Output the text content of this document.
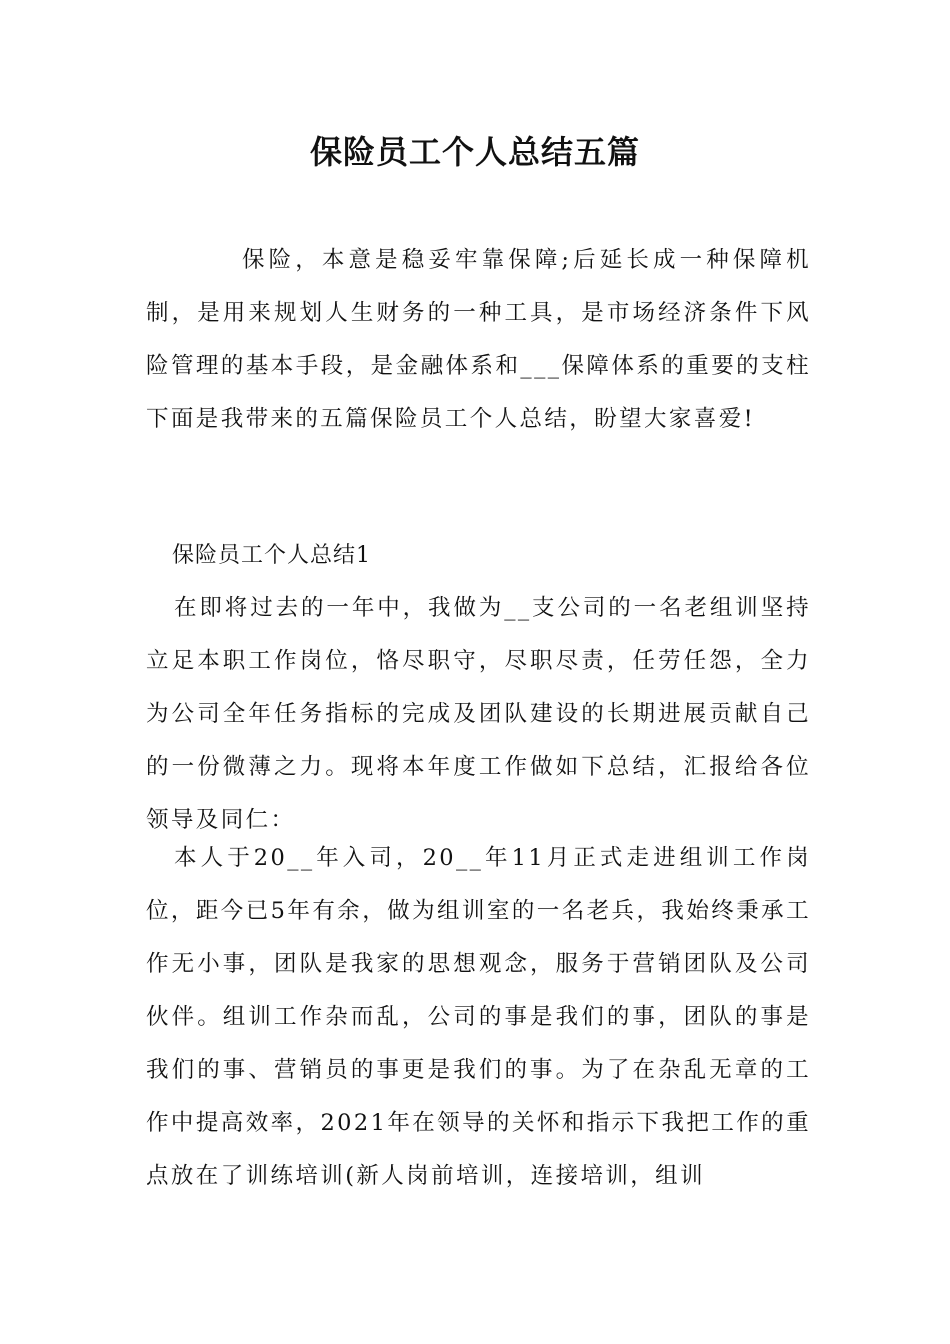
保险员工个人总结五篇

保险，本意是稳妥牢靠保障;后延长成一种保障机制，是用来规划人生财务的一种工具，是市场经济条件下风险管理的基本手段，是金融体系和___保障体系的重要的支柱下面是我带来的五篇保险员工个人总结，盼望大家喜爱!

保险员工个人总结1

在即将过去的一年中，我做为__支公司的一名老组训坚持立足本职工作岗位，恪尽职守，尽职尽责，任劳任怨，全力为公司全年任务指标的完成及团队建设的长期进展贡献自己的一份微薄之力。现将本年度工作做如下总结，汇报给各位领导及同仁：

本人于20__年入司，20__年11月正式走进组训工作岗位，距今已5年有余，做为组训室的一名老兵，我始终秉承工作无小事，团队是我家的思想观念，服务于营销团队及公司伙伴。组训工作杂而乱，公司的事是我们的事，团队的事是我们的事、营销员的事更是我们的事。为了在杂乱无章的工作中提高效率，2021年在领导的关怀和指示下我把工作的重点放在了训练培训(新人岗前培训，连接培训，组训
